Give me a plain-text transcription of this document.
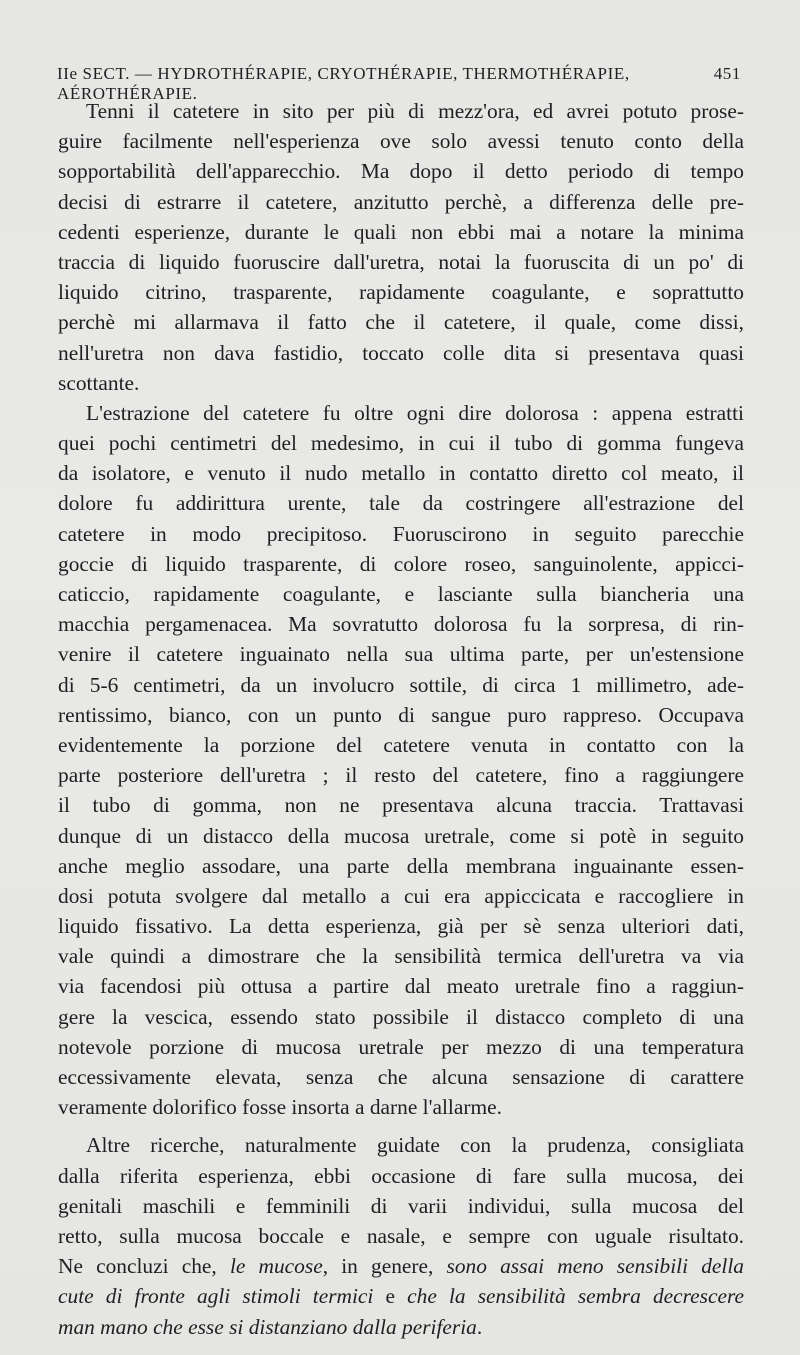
IIe SECT. — HYDROTHÉRAPIE, CRYOTHÉRAPIE, THERMOTHÉRAPIE, AÉROTHÉRAPIE.
451
Tenni il catetere in sito per più di mezz'ora, ed avrei potuto prose-
guire facilmente nell'esperienza ove solo avessi tenuto conto della
sopportabilità dell'apparecchio. Ma dopo il detto periodo di tempo
decisi di estrarre il catetere, anzitutto perchè, a differenza delle pre-
cedenti esperienze, durante le quali non ebbi mai a notare la minima
traccia di liquido fuoruscire dall'uretra, notai la fuoruscita di un po' di
liquido citrino, trasparente, rapidamente coagulante, e soprattutto
perchè mi allarmava il fatto che il catetere, il quale, come dissi,
nell'uretra non dava fastidio, toccato colle dita si presentava quasi
scottante.
L'estrazione del catetere fu oltre ogni dire dolorosa : appena estratti
quei pochi centimetri del medesimo, in cui il tubo di gomma fungeva
da isolatore, e venuto il nudo metallo in contatto diretto col meato, il
dolore fu addirittura urente, tale da costringere all'estrazione del
catetere in modo precipitoso. Fuoruscirono in seguito parecchie
goccie di liquido trasparente, di colore roseo, sanguinolente, appicci-
caticcio, rapidamente coagulante, e lasciante sulla biancheria una
macchia pergamenacea. Ma sovratutto dolorosa fu la sorpresa, di rin-
venire il catetere inguainato nella sua ultima parte, per un'estensione
di 5-6 centimetri, da un involucro sottile, di circa 1 millimetro, ade-
rentissimo, bianco, con un punto di sangue puro rappreso. Occupava
evidentemente la porzione del catetere venuta in contatto con la
parte posteriore dell'uretra ; il resto del catetere, fino a raggiungere
il tubo di gomma, non ne presentava alcuna traccia. Trattavasi
dunque di un distacco della mucosa uretrale, come si potè in seguito
anche meglio assodare, una parte della membrana inguainante essen-
dosi potuta svolgere dal metallo a cui era appiccicata e raccogliere in
liquido fissativo. La detta esperienza, già per sè senza ulteriori dati,
vale quindi a dimostrare che la sensibilità termica dell'uretra va via
via facendosi più ottusa a partire dal meato uretrale fino a raggiun-
gere la vescica, essendo stato possibile il distacco completo di una
notevole porzione di mucosa uretrale per mezzo di una temperatura
eccessivamente elevata, senza che alcuna sensazione di carattere
veramente dolorifico fosse insorta a darne l'allarme.
Altre ricerche, naturalmente guidate con la prudenza, consigliata
dalla riferita esperienza, ebbi occasione di fare sulla mucosa, dei
genitali maschili e femminili di varii individui, sulla mucosa del
retto, sulla mucosa boccale e nasale, e sempre con uguale risultato.
Ne concluzi che, le mucose, in genere, sono assai meno sensibili della
cute di fronte agli stimoli termici e che la sensibilità sembra decrescere
man mano che esse si distanziano dalla periferia.
